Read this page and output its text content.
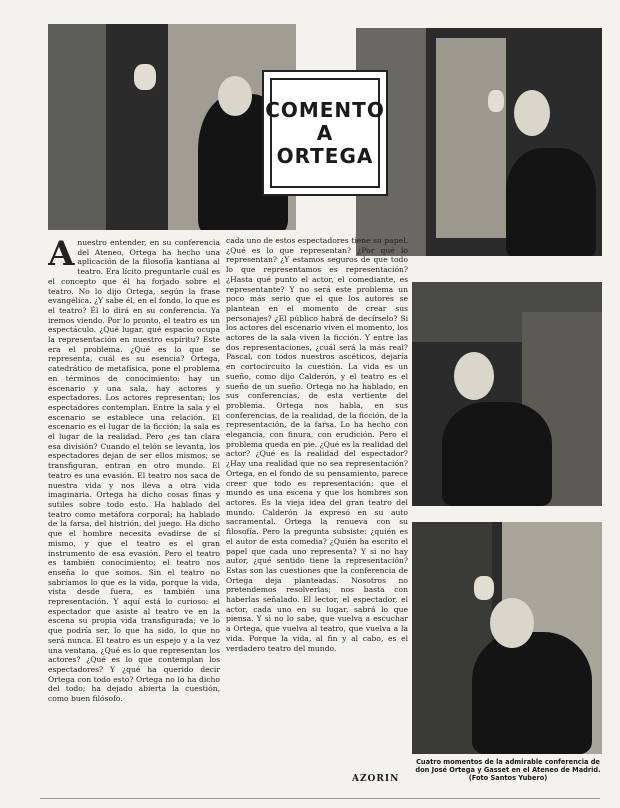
COMENTO
A
ORTEGA
A nuestro entender, en su conferencia del Ateneo, Ortega ha hecho una aplicación de la filosofía kantiana al teatro. Era lícito preguntarle cuál es el concepto que él ha forjado sobre el teatro. No lo dijo Ortega, según la frase evangélica. ¿Y sabe él, en el fondo, lo que es el teatro? Él lo dirá en su conferencia. Ya iremos viendo. Por lo pronto, el teatro es un espectáculo. ¿Qué lugar, qué espacio ocupa la representación en nuestro espíritu? Este era el problema. ¿Qué es lo que se representa, cuál es su esencia? Ortega, catedrático de metafísica, pone el problema en términos de conocimiento: hay un escenario y una sala, hay actores y espectadores. Los actores representan; los espectadores contemplan. Entre la sala y el escenario se establece una relación. El escenario es el lugar de la ficción; la sala es el lugar de la realidad. Pero ¿es tan clara esa división? Cuando el telón se levanta, los espectadores dejan de ser ellos mismos; se transfiguran, entran en otro mundo. El teatro es una evasión. El teatro nos saca de nuestra vida y nos lleva a otra vida imaginaria. Ortega ha dicho cosas finas y sutiles sobre todo esto. Ha hablado del teatro como metáfora corporal; ha hablado de la farsa, del histrión, del juego. Ha dicho que el hombre necesita evadirse de sí mismo, y que el teatro es el gran instrumento de esa evasión. Pero el teatro es también conocimiento; el teatro nos enseña lo que somos. Sin el teatro no sabríamos lo que es la vida, porque la vida, vista desde fuera, es también una representación. Y aquí está lo curioso: el espectador que asiste al teatro ve en la escena su propia vida transfigurada; ve lo que podría ser, lo que ha sido, lo que no será nunca. El teatro es un espejo y a la vez una ventana. ¿Qué es lo que representan los actores? ¿Qué es lo que contemplan los espectadores? Y ¿qué ha querido decir Ortega con todo esto? Ortega no lo ha dicho del todo; ha dejado abierta la cuestión, como buen filósofo.
cada uno de estos espectadores tiene su papel. ¿Qué es lo que representan? ¿Por qué lo representan? ¿Y estamos seguros de que todo lo que representamos es representación? ¿Hasta qué punto el actor, el comediante, es representante? Y no será este problema un poco más serio que el que los autores se plantean en el momento de crear sus personajes? ¿El público habrá de decírselo? Si los actores del escenario viven el momento, los actores de la sala viven la ficción. Y entre las dos representaciones, ¿cuál será la más real? Pascal, con todos nuestros ascéticos, dejaría en cortocircuito la cuestión. La vida es un sueño, como dijo Calderón, y el teatro es el sueño de un sueño. Ortega no ha hablado, en sus conferencias, de esta vertiente del problema. Ortega nos habla, en sus conferencias, de la realidad, de la ficción, de la representación, de la farsa. Lo ha hecho con elegancia, con finura, con erudición. Pero el problema queda en pie. ¿Qué es la realidad del actor? ¿Qué es la realidad del espectador? ¿Hay una realidad que no sea representación? Ortega, en el fondo de su pensamiento, parece creer que todo es representación; que el mundo es una escena y que los hombres son actores. Es la vieja idea del gran teatro del mundo. Calderón la expresó en su auto sacramental. Ortega la renueva con su filosofía. Pero la pregunta subsiste: ¿quién es el autor de esta comedia? ¿Quién ha escrito el papel que cada uno representa? Y si no hay autor, ¿qué sentido tiene la representación? Estas son las cuestiones que la conferencia de Ortega deja planteadas. Nosotros no pretendemos resolverlas; nos basta con haberlas señalado. El lector, el espectador, el actor, cada uno en su lugar, sabrá lo que piensa. Y si no lo sabe, que vuelva a escuchar a Ortega, que vuelva al teatro, que vuelva a la vida. Porque la vida, al fin y al cabo, es el verdadero teatro del mundo.
AZORIN
Cuatro momentos de la admirable conferencia de don José Ortega y Gasset en el Ateneo de Madrid. (Foto Santos Yubero)
